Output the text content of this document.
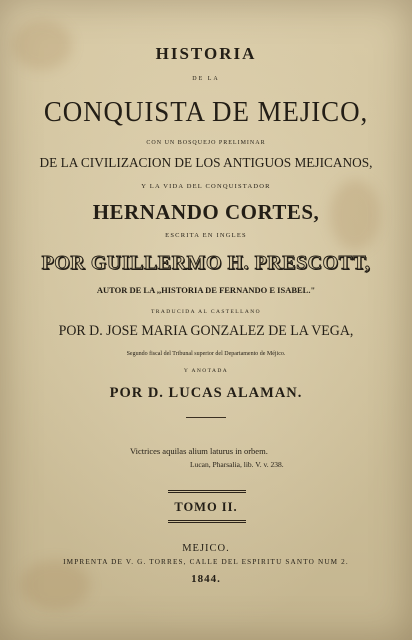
HISTORIA
DE LA
CONQUISTA DE MEJICO,
CON UN BOSQUEJO PRELIMINAR
DE LA CIVILIZACION DE LOS ANTIGUOS MEJICANOS,
Y LA VIDA DEL CONQUISTADOR
HERNANDO CORTES,
ESCRITA EN INGLES
POR GUILLERMO H. PRESCOTT,
AUTOR DE LA ,,HISTORIA DE FERNANDO E ISABEL."
TRADUCIDA AL CASTELLANO
POR D. JOSE MARIA GONZALEZ DE LA VEGA,
Segundo fiscal del Tribunal superior del Departamento de Méjico.
Y ANOTADA
POR D. LUCAS ALAMAN.
Victrices aquilas alium laturus in orbem.
Lucan, Pharsalia, lib. V. v. 238.
TOMO II.
MEJICO.
IMPRENTA DE V. G. TORRES, CALLE DEL ESPIRITU SANTO NUM 2.
1844.
